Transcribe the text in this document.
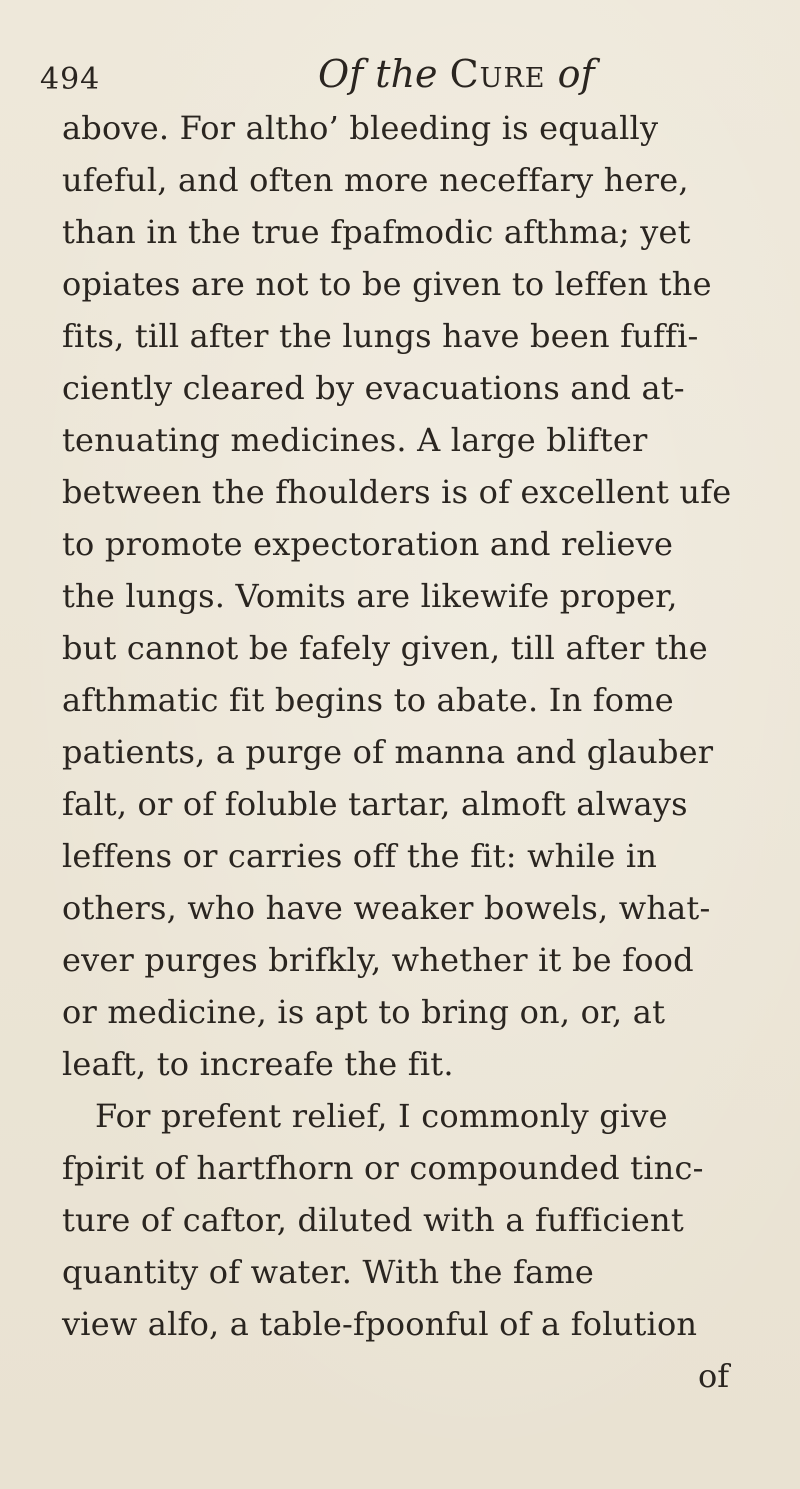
494	Of the Cure of
above. For altho’ bleeding is equally
ufeful, and often more neceffary here,
than in the true fpafmodic afthma; yet
opiates are not to be given to leffen the
fits, till after the lungs have been fuffi-
ciently cleared by evacuations and at-
tenuating medicines. A large blifter
between the fhoulders is of excellent ufe
to promote expectoration and relieve
the lungs. Vomits are likewife proper,
but cannot be fafely given, till after the
afthmatic fit begins to abate. In fome
patients, a purge of manna and glauber
falt, or of foluble tartar, almoft always
leffens or carries off the fit: while in
others, who have weaker bowels, what-
ever purges brifkly, whether it be food
or medicine, is apt to bring on, or, at
leaft, to increafe the fit.
For prefent relief, I commonly give
fpirit of hartfhorn or compounded tinc-
ture of caftor, diluted with a fufficient
quantity of water. With the fame
view alfo, a table-fpoonful of a folution
of
